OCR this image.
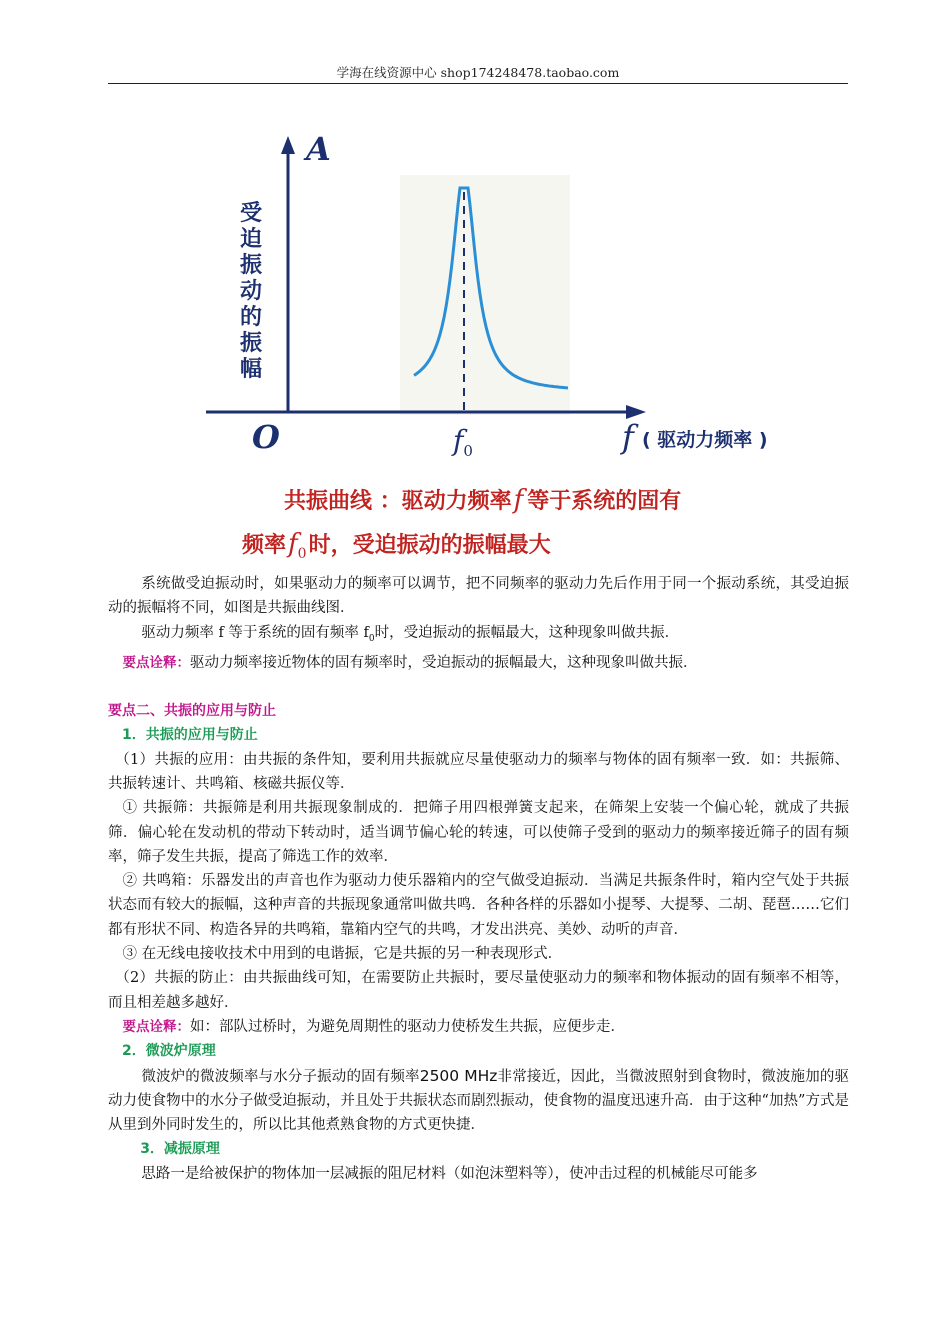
学海在线资源中心 shop174248478.taobao.com
A
受
迫
振
动
的
振
幅
O	$f_0$	f ( 驱动力频率 )
共振曲线 ：驱动力频率f 等于系统的固有
频率$f_0$时，受迫振动的振幅最大

系统做受迫振动时，如果驱动力的频率可以调节，把不同频率的驱动力先后作用于同一个振动系统，其受迫振动的振幅将不同，如图是共振曲线图．

驱动力频率 f 等于系统的固有频率 $f_0$时，受迫振动的振幅最大，这种现象叫做共振．

要点诠释：驱动力频率接近物体的固有频率时，受迫振动的振幅最大，这种现象叫做共振．

要点二、共振的应用与防止

1．共振的应用与防止

（1）共振的应用：由共振的条件知，要利用共振就应尽量使驱动力的频率与物体的固有频率一致．如：共振筛、共振转速计、共鸣箱、核磁共振仪等．

① 共振筛：共振筛是利用共振现象制成的．把筛子用四根弹簧支起来，在筛架上安装一个偏心轮，就成了共振筛．偏心轮在发动机的带动下转动时，适当调节偏心轮的转速，可以使筛子受到的驱动力的频率接近筛子的固有频率，筛子发生共振，提高了筛选工作的效率．

② 共鸣箱：乐器发出的声音也作为驱动力使乐器箱内的空气做受迫振动．当满足共振条件时，箱内空气处于共振状态而有较大的振幅，这种声音的共振现象通常叫做共鸣．各种各样的乐器如小提琴、大提琴、二胡、琵琶……它们都有形状不同、构造各异的共鸣箱，靠箱内空气的共鸣，才发出洪亮、美妙、动听的声音．

③ 在无线电接收技术中用到的电谐振，它是共振的另一种表现形式．

（2）共振的防止：由共振曲线可知，在需要防止共振时，要尽量使驱动力的频率和物体振动的固有频率不相等，而且相差越多越好．

要点诠释：如：部队过桥时，为避免周期性的驱动力使桥发生共振，应便步走．

2．微波炉原理

微波炉的微波频率与水分子振动的固有频率2500 MHz非常接近，因此，当微波照射到食物时，微波施加的驱动力使食物中的水分子做受迫振动，并且处于共振状态而剧烈振动，使食物的温度迅速升高．由于这种“加热”方式是从里到外同时发生的，所以比其他煮熟食物的方式更快捷．

3．减振原理

思路一是给被保护的物体加一层减振的阻尼材料（如泡沫塑料等），使冲击过程的机械能尽可能多
